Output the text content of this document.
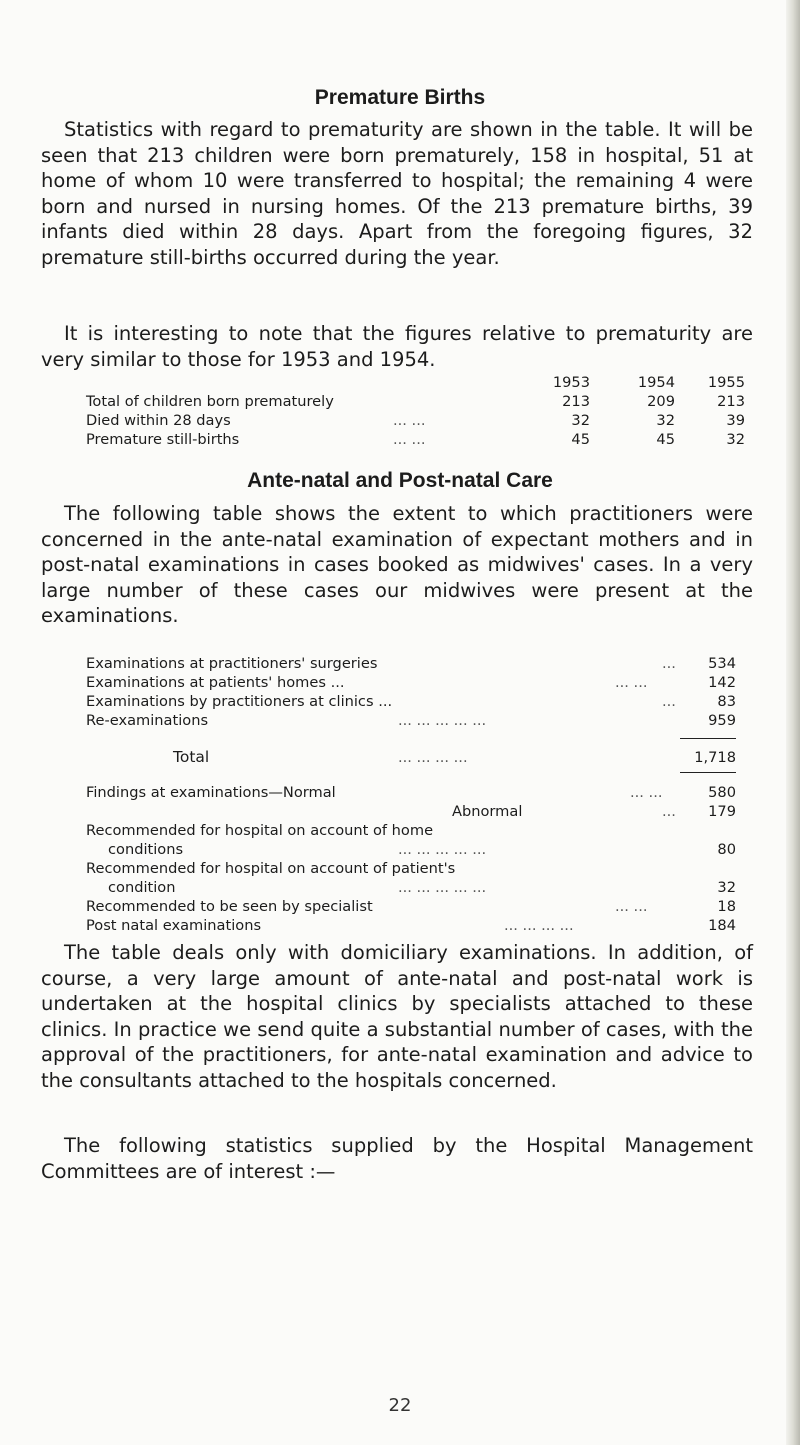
Premature Births

Statistics with regard to prematurity are shown in the table. It will be seen that 213 children were born prematurely, 158 in hospital, 51 at home of whom 10 were transferred to hospital; the remaining 4 were born and nursed in nursing homes. Of the 213 premature births, 39 infants died within 28 days. Apart from the foregoing figures, 32 premature still-births occurred during the year.

It is interesting to note that the figures relative to prematurity are very similar to those for 1953 and 1954.

1953	1954	1955
Total of children born prematurely	213	209	213
Died within 28 days	... ...	32	32	39
Premature still-births	... ...	45	45	32
Ante-natal and Post-natal Care

The following table shows the extent to which practitioners were concerned in the ante-natal examination of expectant mothers and in post-natal examinations in cases booked as midwives' cases. In a very large number of these cases our midwives were present at the examinations.

Examinations at practitioners' surgeries	...	534
Examinations at patients' homes ...	... ...	142
Examinations by practitioners at clinics ...	...	83
Re-examinations	... ... ... ... ...	959
Total	... ... ... ...	1,718
Findings at examinations—Normal	... ...	580
Abnormal	...	179
Recommended for hospital on account of home
conditions	... ... ... ... ...	80
Recommended for hospital on account of patient's
condition	... ... ... ... ...	32
Recommended to be seen by specialist	... ...	18
Post natal examinations	... ... ... ...	184

The table deals only with domiciliary examinations. In addition, of course, a very large amount of ante-natal and post-natal work is undertaken at the hospital clinics by specialists attached to these clinics. In practice we send quite a substantial number of cases, with the approval of the practitioners, for ante-natal examination and advice to the consultants attached to the hospitals concerned.

The following statistics supplied by the Hospital Management Committees are of interest :—

22
